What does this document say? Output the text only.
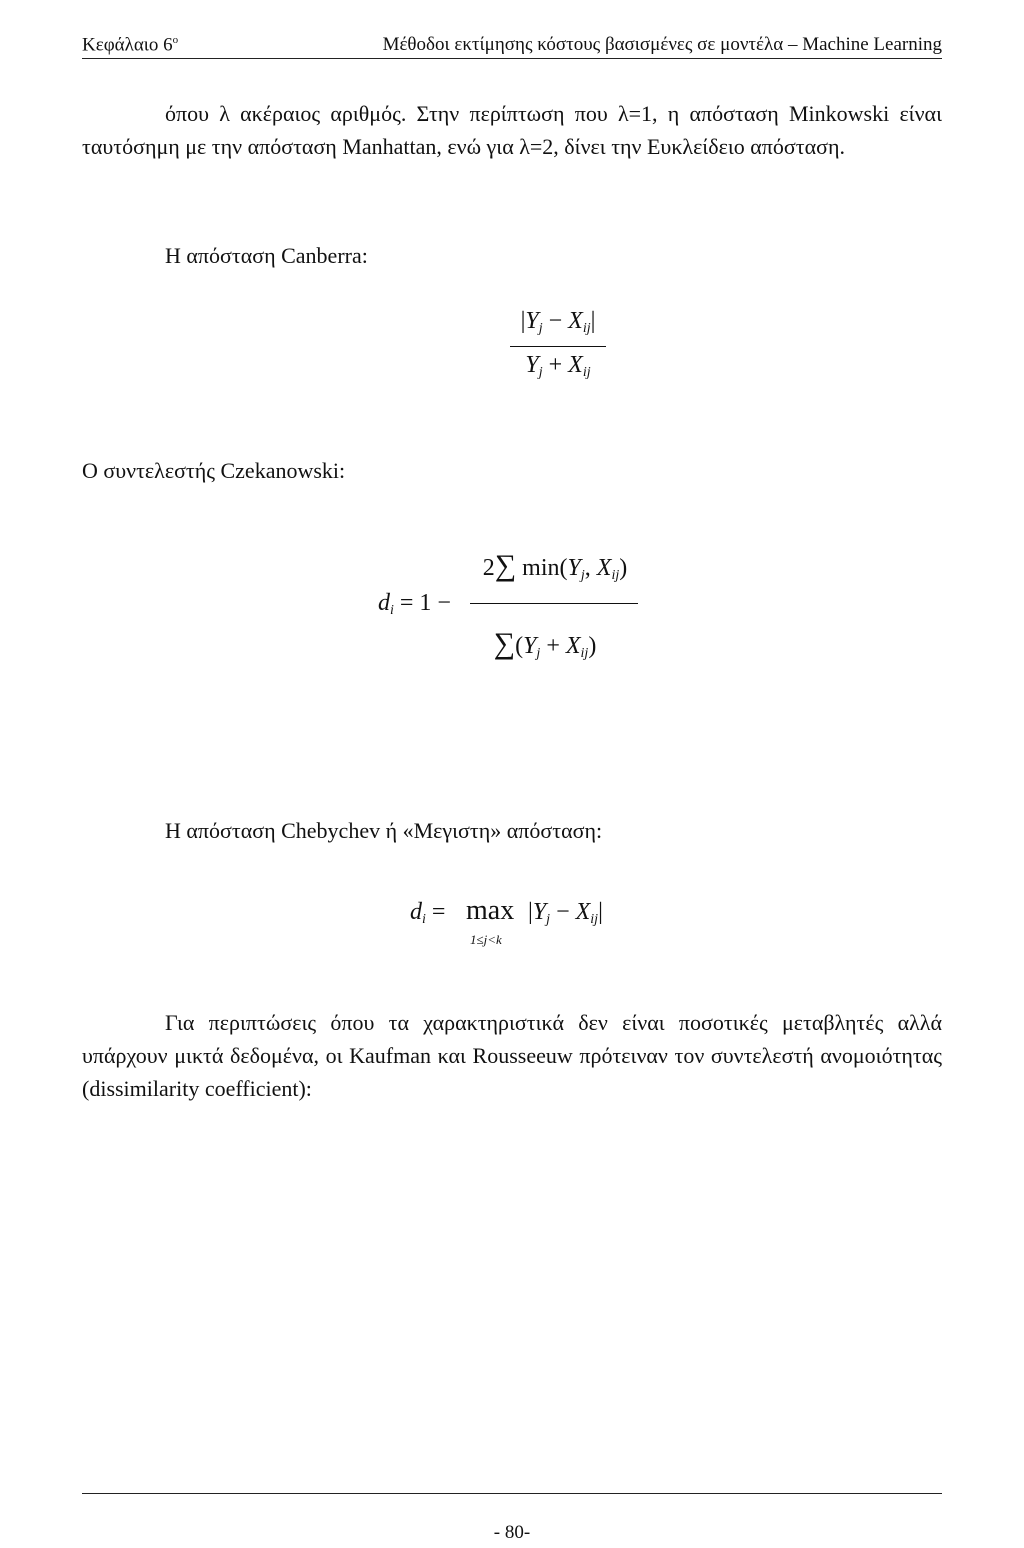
Κεφάλαιο $6^o$	Μέθοδοι εκτίμησης κόστους βασισμένες σε μοντέλα – Machine Learning
όπου λ ακέραιος αριθμός. Στην περίπτωση που λ=1, η απόσταση Minkowski είναι ταυτόσημη με την απόσταση Manhattan, ενώ για λ=2, δίνει την Ευκλείδειο απόσταση.
Η απόσταση Canberra:
$|Y_j - X_{ij}|$
$Y_j + X_{ij}$
Ο συντελεστής Czekanowski:
$d_i = 1$ −
2∑ $\min(Y_j$, $X_{ij}$)
$\sum(Y_j + X_{ij})$
Η απόσταση Chebychev ή «Μεγιστη» απόσταση:
$d_i = \max$
1≤j<k
$|Y_j - X_{ij}|$
Για περιπτώσεις όπου τα χαρακτηριστικά δεν είναι ποσοτικές μεταβλητές αλλά υπάρχουν μικτά δεδομένα, οι Kaufman και Rousseeuw πρότειναν τον συντελεστή ανομοιότητας (dissimilarity coefficient):
- 80-
